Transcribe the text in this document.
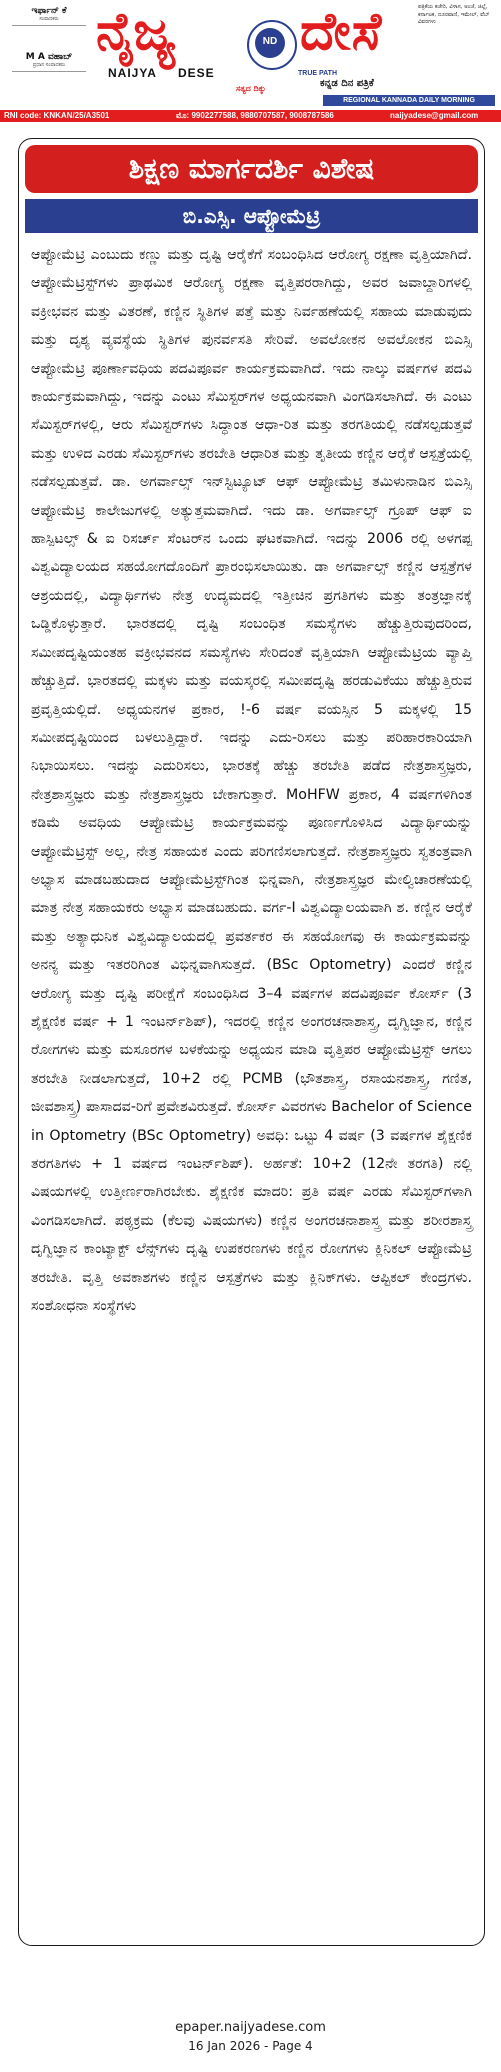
ಇರ್ಫಾನ್ ಕೆ
ಸಂಪಾದಕರು
M A ವಹಾಬ್
ಪ್ರಧಾನ ಸಂಪಾದಕರು
ನೈಜ್ಯ
NAIJYA
ND
TRUE PATH
ಸತ್ಯದ ದಿಕ್ಕು
ದೇಸೆ
DESE
ಕನ್ನಡ ದಿನ ಪತ್ರಿಕೆ
REGIONAL KANNADA DAILY MORNING
ಪತ್ರಿಕೆಯ ಕಚೇರಿ, ವಿಳಾಸ, ಅಂಚೆ, ಜಿಲ್ಲೆ, ಕರ್ನಾಟಕ, ದೂರವಾಣಿ, ಇಮೇಲ್, ವೆಬ್ ವಿವರಗಳು
RNI code: KNKAN/25/A3501	ಮೊ: 9902277588, 9880707587, 9008787586	naijyadese@gmail.com
ಶಿಕ್ಷಣ ಮಾರ್ಗದರ್ಶಿ ವಿಶೇಷ
ಬಿ.ಎಸ್ಸಿ. ಆಪ್ಟೋಮೆಟ್ರಿ
ಆಪ್ಟೋಮೆಟ್ರಿ ಎಂಬುದು ಕಣ್ಣು ಮತ್ತು ದೃಷ್ಟಿ ಆರೈಕೆಗೆ ಸಂಬಂಧಿಸಿದ ಆರೋಗ್ಯ ರಕ್ಷಣಾ ವೃತ್ತಿಯಾಗಿದೆ. ಆಪ್ಟೋಮೆಟ್ರಿಸ್ಟ್‌ಗಳು ಪ್ರಾಥಮಿಕ ಆರೋಗ್ಯ ರಕ್ಷಣಾ ವೃತ್ತಿಪರರಾಗಿದ್ದು, ಅವರ ಜವಾಬ್ದಾರಿಗಳಲ್ಲಿ ವಕ್ರೀಭವನ ಮತ್ತು ವಿತರಣೆ, ಕಣ್ಣಿನ ಸ್ಥಿತಿಗಳ ಪತ್ತೆ ಮತ್ತು ನಿರ್ವಹಣೆಯಲ್ಲಿ ಸಹಾಯ ಮಾಡುವುದು ಮತ್ತು ದೃಶ್ಯ ವ್ಯವಸ್ಥೆಯ ಸ್ಥಿತಿಗಳ ಪುನರ್ವಸತಿ ಸೇರಿವೆ. ಅವಲೋಕನ ಅವಲೋಕನ ಬಿಎಸ್ಸಿ ಆಪ್ಟೋಮೆಟ್ರಿ ಪೂರ್ಣಾವಧಿಯ ಪದವಿಪೂರ್ವ ಕಾರ್ಯಕ್ರಮವಾಗಿದೆ. ಇದು ನಾಲ್ಕು ವರ್ಷಗಳ ಪದವಿ ಕಾರ್ಯಕ್ರಮವಾಗಿದ್ದು, ಇದನ್ನು ಎಂಟು ಸೆಮಿಸ್ಟರ್‌ಗಳ ಅಧ್ಯಯನವಾಗಿ ವಿಂಗಡಿಸಲಾಗಿದೆ. ಈ ಎಂಟು ಸೆಮಿಸ್ಟರ್‌ಗಳಲ್ಲಿ, ಆರು ಸೆಮಿಸ್ಟರ್‌ಗಳು ಸಿದ್ಧಾಂತ ಆಧಾ-ರಿತ ಮತ್ತು ತರಗತಿಯಲ್ಲಿ ನಡೆಸಲ್ಪಡುತ್ತವೆ ಮತ್ತು ಉಳಿದ ಎರಡು ಸೆಮಿಸ್ಟರ್‌ಗಳು ತರಬೇತಿ ಆಧಾರಿತ ಮತ್ತು ತೃತೀಯ ಕಣ್ಣಿನ ಆರೈಕೆ ಆಸ್ಪತ್ರೆಯಲ್ಲಿ ನಡೆಸಲ್ಪಡುತ್ತವೆ. ಡಾ. ಅಗರ್ವಾಲ್ಸ್ ಇನ್‌ಸ್ಟಿಟ್ಯೂಟ್ ಆಫ್ ಆಪ್ಟೋಮೆಟ್ರಿ ತಮಿಳುನಾಡಿನ ಬಿಎಸ್ಸಿ ಆಪ್ಟೋಮೆಟ್ರಿ ಕಾಲೇಜುಗಳಲ್ಲಿ ಅತ್ಯುತ್ತಮವಾಗಿದೆ. ಇದು ಡಾ. ಅಗರ್ವಾಲ್ಸ್ ಗ್ರೂಪ್ ಆಫ್ ಐ ಹಾಸ್ಪಿಟಲ್ಸ್ & ಐ ರಿಸರ್ಚ್ ಸೆಂಟರ್‌ನ ಒಂದು ಘಟಕವಾಗಿದೆ. ಇದನ್ನು 2006 ರಲ್ಲಿ ಅಳಗಪ್ಪ ವಿಶ್ವವಿದ್ಯಾಲಯದ ಸಹಯೋಗದೊಂದಿಗೆ ಪ್ರಾರಂಭಿಸಲಾಯಿತು. ಡಾ ಅಗರ್ವಾಲ್ಸ್ ಕಣ್ಣಿನ ಆಸ್ಪತ್ರೆಗಳ ಆಶ್ರಯದಲ್ಲಿ, ವಿದ್ಯಾರ್ಥಿಗಳು ನೇತ್ರ ಉದ್ಯಮದಲ್ಲಿ ಇತ್ತೀಚಿನ ಪ್ರಗತಿಗಳು ಮತ್ತು ತಂತ್ರಜ್ಞಾನಕ್ಕೆ ಒಡ್ಡಿಕೊಳ್ಳುತ್ತಾರೆ. ಭಾರತದಲ್ಲಿ ದೃಷ್ಟಿ ಸಂಬಂಧಿತ ಸಮಸ್ಯೆಗಳು ಹೆಚ್ಚುತ್ತಿರುವುದರಿಂದ, ಸಮೀಪದೃಷ್ಟಿಯಂತಹ ವಕ್ರೀಭವನದ ಸಮಸ್ಯೆಗಳು ಸೇರಿದಂತೆ ವೃತ್ತಿಯಾಗಿ ಆಪ್ಟೋಮೆಟ್ರಿಯ ವ್ಯಾಪ್ತಿ ಹೆಚ್ಚುತ್ತಿದೆ. ಭಾರತದಲ್ಲಿ ಮಕ್ಕಳು ಮತ್ತು ವಯಸ್ಕರಲ್ಲಿ ಸಮೀಪದೃಷ್ಟಿ ಹರಡುವಿಕೆಯು ಹೆಚ್ಚುತ್ತಿರುವ ಪ್ರವೃತ್ತಿಯಲ್ಲಿದೆ. ಅಧ್ಯಯನಗಳ ಪ್ರಕಾರ, !-6 ವರ್ಷ ವಯಸ್ಸಿನ 5 ಮಕ್ಕಳಲ್ಲಿ 15 ಸಮೀಪದೃಷ್ಟಿಯಿಂದ ಬಳಲುತ್ತಿದ್ದಾರೆ. ಇದನ್ನು ಎದು-ರಿಸಲು ಮತ್ತು ಪರಿಹಾರಕಾರಿಯಾಗಿ ನಿಭಾಯಿಸಲು. ಇದನ್ನು ಎದುರಿಸಲು, ಭಾರತಕ್ಕೆ ಹೆಚ್ಚು ತರಬೇತಿ ಪಡೆದ ನೇತ್ರಶಾಸ್ತ್ರಜ್ಞರು, ನೇತ್ರಶಾಸ್ತ್ರಜ್ಞರು ಮತ್ತು ನೇತ್ರಶಾಸ್ತ್ರಜ್ಞರು ಬೇಕಾಗುತ್ತಾರೆ. MoHFW ಪ್ರಕಾರ, 4 ವರ್ಷಗಳಿಗಿಂತ ಕಡಿಮೆ ಅವಧಿಯ ಆಪ್ಟೋಮೆಟ್ರಿ ಕಾರ್ಯಕ್ರಮವನ್ನು ಪೂರ್ಣಗೊಳಿಸಿದ ವಿದ್ಯಾರ್ಥಿಯನ್ನು ಆಪ್ಟೋಮೆಟ್ರಿಸ್ಟ್ ಅಲ್ಲ, ನೇತ್ರ ಸಹಾಯಕ ಎಂದು ಪರಿಗಣಿಸಲಾಗುತ್ತದೆ. ನೇತ್ರಶಾಸ್ತ್ರಜ್ಞರು ಸ್ವತಂತ್ರವಾಗಿ ಅಭ್ಯಾಸ ಮಾಡಬಹುದಾದ ಆಪ್ಟೋಮೆಟ್ರಿಸ್ಟ್‌ಗಿಂತ ಭಿನ್ನವಾಗಿ, ನೇತ್ರಶಾಸ್ತ್ರಜ್ಞರ ಮೇಲ್ವಿಚಾರಣೆಯಲ್ಲಿ ಮಾತ್ರ ನೇತ್ರ ಸಹಾಯಕರು ಅಭ್ಯಾಸ ಮಾಡಬಹುದು. ವರ್ಗ-I ವಿಶ್ವವಿದ್ಯಾಲಯವಾಗಿ ಶ. ಕಣ್ಣಿನ ಆರೈಕೆ ಮತ್ತು ಅತ್ಯಾಧುನಿಕ ವಿಶ್ವವಿದ್ಯಾಲಯದಲ್ಲಿ ಪ್ರವರ್ತಕರ ಈ ಸಹಯೋಗವು ಈ ಕಾರ್ಯಕ್ರಮವನ್ನು ಅನನ್ಯ ಮತ್ತು ಇತರರಿಗಿಂತ ವಿಭಿನ್ನವಾಗಿಸುತ್ತದೆ. (BSc Optometry) ಎಂದರೆ ಕಣ್ಣಿನ ಆರೋಗ್ಯ ಮತ್ತು ದೃಷ್ಟಿ ಪರೀಕ್ಷೆಗೆ ಸಂಬಂಧಿಸಿದ 3–4 ವರ್ಷಗಳ ಪದವಿಪೂರ್ವ ಕೋರ್ಸ್ (3 ಶೈಕ್ಷಣಿಕ ವರ್ಷ + 1 ಇಂಟರ್ನ್‌ಶಿಪ್), ಇದರಲ್ಲಿ ಕಣ್ಣಿನ ಅಂಗರಚನಾಶಾಸ್ತ್ರ, ದೃಗ್ವಿಜ್ಞಾನ, ಕಣ್ಣಿನ ರೋಗಗಳು ಮತ್ತು ಮಸೂರಗಳ ಬಳಕೆಯನ್ನು ಅಧ್ಯಯನ ಮಾಡಿ ವೃತ್ತಿಪರ ಆಪ್ಟೋಮೆಟ್ರಿಸ್ಟ್ ಆಗಲು ತರಬೇತಿ ನೀಡಲಾಗುತ್ತದೆ, 10+2 ರಲ್ಲಿ PCMB (ಭೌತಶಾಸ್ತ್ರ, ರಸಾಯನಶಾಸ್ತ್ರ, ಗಣಿತ, ಜೀವಶಾಸ್ತ್ರ) ಪಾಸಾದವ-ರಿಗೆ ಪ್ರವೇಶವಿರುತ್ತದೆ. ಕೋರ್ಸ್ ವಿವರಗಳು Bachelor of Science in Optometry (BSc Optometry) ಅವಧಿ: ಒಟ್ಟು 4 ವರ್ಷ (3 ವರ್ಷಗಳ ಶೈಕ್ಷಣಿಕ ತರಗತಿಗಳು + 1 ವರ್ಷದ ಇಂಟರ್ನ್‌ಶಿಪ್). ಅರ್ಹತೆ: 10+2 (12ನೇ ತರಗತಿ) ನಲ್ಲಿ ವಿಷಯಗಳಲ್ಲಿ ಉತ್ತೀರ್ಣರಾಗಿರಬೇಕು. ಶೈಕ್ಷಣಿಕ ಮಾದರಿ: ಪ್ರತಿ ವರ್ಷ ಎರಡು ಸೆಮಿಸ್ಟರ್‌ಗಳಾಗಿ ವಿಂಗಡಿಸಲಾಗಿದೆ. ಪಠ್ಯಕ್ರಮ (ಕೆಲವು ವಿಷಯಗಳು) ಕಣ್ಣಿನ ಅಂಗರಚನಾಶಾಸ್ತ್ರ ಮತ್ತು ಶರೀರಶಾಸ್ತ್ರ ದೃಗ್ವಿಜ್ಞಾನ ಕಾಂಟ್ಯಾಕ್ಟ್ ಲೆನ್ಸ್‌ಗಳು ದೃಷ್ಟಿ ಉಪಕರಣಗಳು ಕಣ್ಣಿನ ರೋಗಗಳು ಕ್ಲಿನಿಕಲ್ ಆಪ್ಟೋಮೆಟ್ರಿ ತರಬೇತಿ. ವೃತ್ತಿ ಅವಕಾಶಗಳು ಕಣ್ಣಿನ ಆಸ್ಪತ್ರೆಗಳು ಮತ್ತು ಕ್ಲಿನಿಕ್‌ಗಳು. ಆಪ್ಟಿಕಲ್ ಕೇಂದ್ರಗಳು. ಸಂಶೋಧನಾ ಸಂಸ್ಥೆಗಳು
epaper.naijyadese.com
16 Jan 2026 - Page 4
